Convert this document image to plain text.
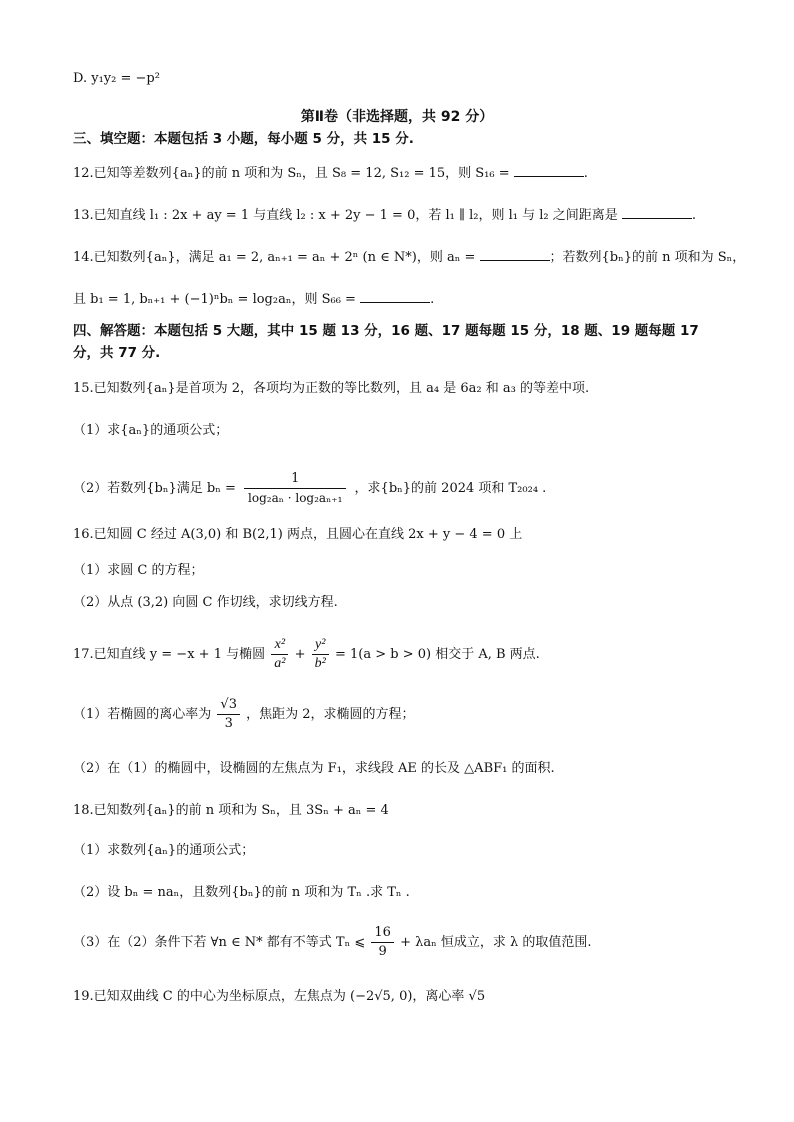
D. y₁y₂ = −p²
第Ⅱ卷（非选择题，共 92 分）
三、填空题：本题包括 3 小题，每小题 5 分，共 15 分.
12.已知等差数列{aₙ}的前 n 项和为 Sₙ，且 S₈ = 12, S₁₂ = 15，则 S₁₆ =	.
13.已知直线 l₁ : 2x + ay = 1 与直线 l₂ : x + 2y − 1 = 0，若 l₁ ∥ l₂，则 l₁ 与 l₂ 之间距离是	.
14.已知数列{aₙ}，满足 a₁ = 2, aₙ₊₁ = aₙ + 2ⁿ (n ∈ N*)，则 aₙ =	；若数列{bₙ}的前 n 项和为 Sₙ，
且 b₁ = 1, bₙ₊₁ + (−1)ⁿbₙ = log₂aₙ，则 S₆₆ =	.
四、解答题：本题包括 5 大题，其中 15 题 13 分，16 题、17 题每题 15 分，18 题、19 题每题 17 分，共 77 分.
15.已知数列{aₙ}是首项为 2，各项均为正数的等比数列，且 a₄ 是 6a₂ 和 a₃ 的等差中项.
（1）求{aₙ}的通项公式；
（2）若数列{bₙ}满足 $b_n = \frac{1}{\text{log₂aₙ · log₂aₙ₊₁}}$ ，求{bₙ}的前 2024 项和 T₂₀₂₄ .
16.已知圆 C 经过 A(3,0) 和 B(2,1) 两点，且圆心在直线 2x + y − 4 = 0 上
（1）求圆 C 的方程；
（2）从点 (3,2) 向圆 C 作切线，求切线方程.
17.已知直线 y = −x + 1 与椭圆 $\frac{\text{x²}}{\text{a²}} + \frac{\text{y²}}{\text{b²}} = 1(a > b > 0)$ 相交于 A, B 两点.
（1）若椭圆的离心率为 $\frac{√3}{3}$ ，焦距为 2，求椭圆的方程；
（2）在（1）的椭圆中，设椭圆的左焦点为 F₁，求线段 AE 的长及 △ABF₁ 的面积.
18.已知数列{aₙ}的前 n 项和为 Sₙ，且 3Sₙ + aₙ = 4
（1）求数列{aₙ}的通项公式；
（2）设 bₙ = naₙ，且数列{bₙ}的前 n 项和为 Tₙ .求 Tₙ .
（3）在（2）条件下若 ∀n ∈ N* 都有不等式 Tₙ ⩽ $\frac{16}{9} + \lambda a_n$ 恒成立，求 λ 的取值范围.
19.已知双曲线 C 的中心为坐标原点，左焦点为 (−2√5, 0)，离心率 √5
